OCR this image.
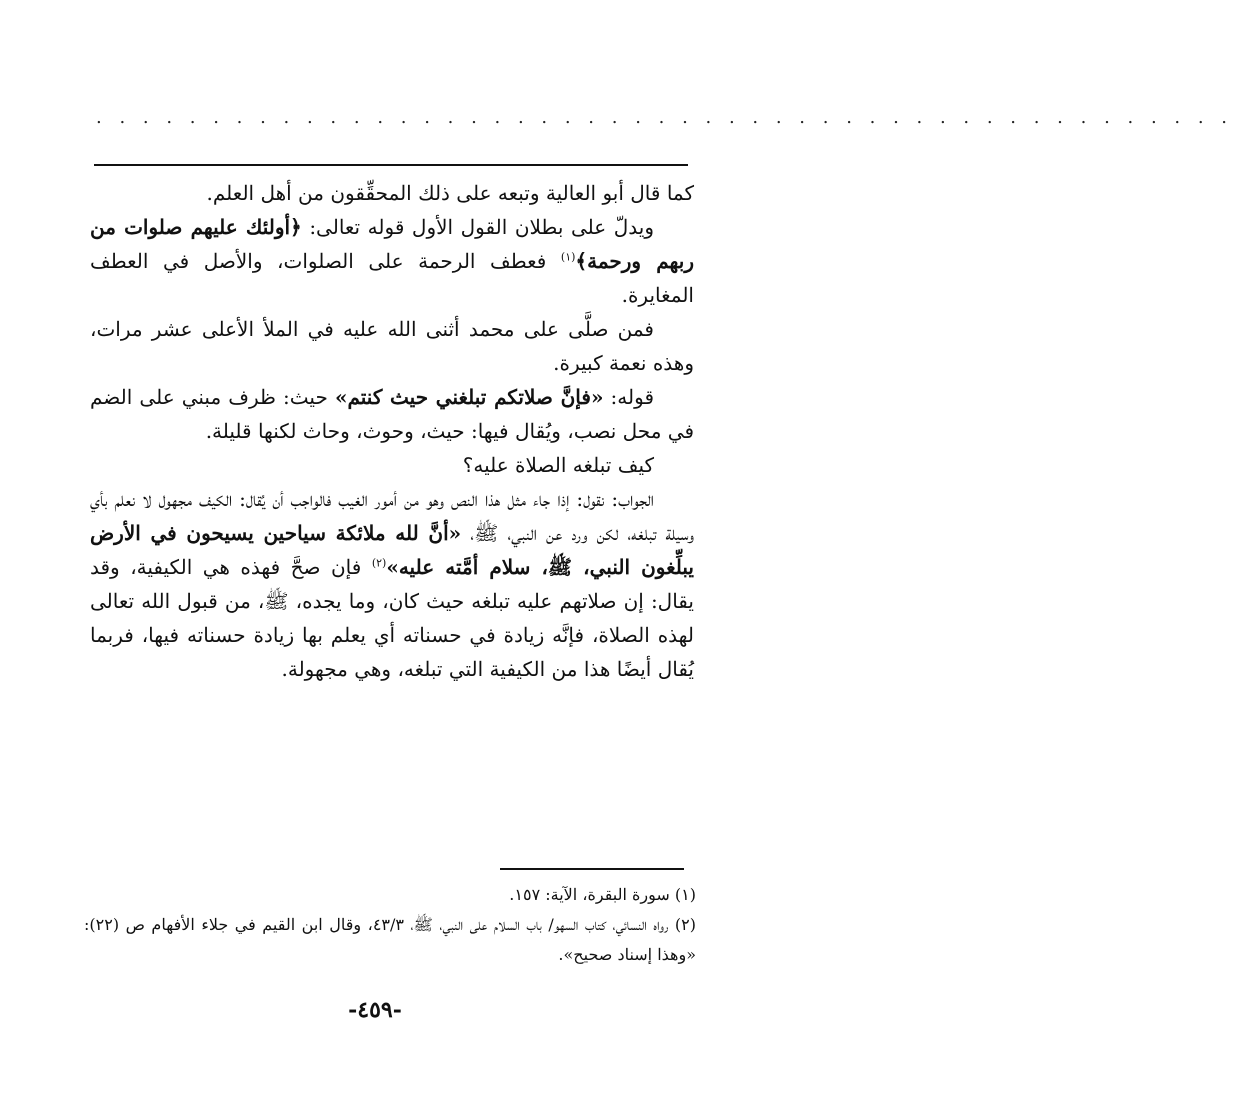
. . . . . . . . . . . . . . . . . . . . . . . . . . . . . . . . . . . . . . . . . . . . . . . . .

كما قال أبو العالية وتبعه على ذلك المحقِّقون من أهل العلم.

ويدلّ على بطلان القول الأول قوله تعالى: ﴿أولئك عليهم صلوات من ربهم ورحمة﴾$^{(١)}$ فعطف الرحمة على الصلوات، والأصل في العطف المغايرة.

فمن صلَّى على محمد أثنى الله عليه في الملأ الأعلى عشر مرات، وهذه نعمة كبيرة.

قوله: «فإنَّ صلاتكم تبلغني حيث كنتم» حيث: ظرف مبني على الضم في محل نصب، ويُقال فيها: حيث، وحوث، وحاث لكنها قليلة.

كيف تبلغه الصلاة عليه؟

الجواب: نقول: إذا جاء مثل هذا النص وهو من أمور الغيب فالواجب أن يُقال: الكيف مجهول لا نعلم بأي وسيلة تبلغه، لكن ورد عن النبي، ﷺ، «أنَّ لله ملائكة سياحين يسيحون في الأرض يبلِّغون النبي، ﷺ، سلام أمَّته عليه»$^{(٢)}$ فإن صحَّ فهذه هي الكيفية، وقد يقال: إن صلاتهم عليه تبلغه حيث كان، وما يجده، ﷺ، من قبول الله تعالى لهذه الصلاة، فإنَّه زيادة في حسناته أي يعلم بها زيادة حسناته فيها، فربما يُقال أيضًا هذا من الكيفية التي تبلغه، وهي مجهولة.

(١) سورة البقرة، الآية: ١٥٧.

(٢) رواه النسائي، كتاب السهو/ باب السلام على النبي، ﷺ، ٤٣/٣، وقال ابن القيم في جلاء الأفهام ص (٢٢): «وهذا إسناد صحيح».

-٤٥٩-
